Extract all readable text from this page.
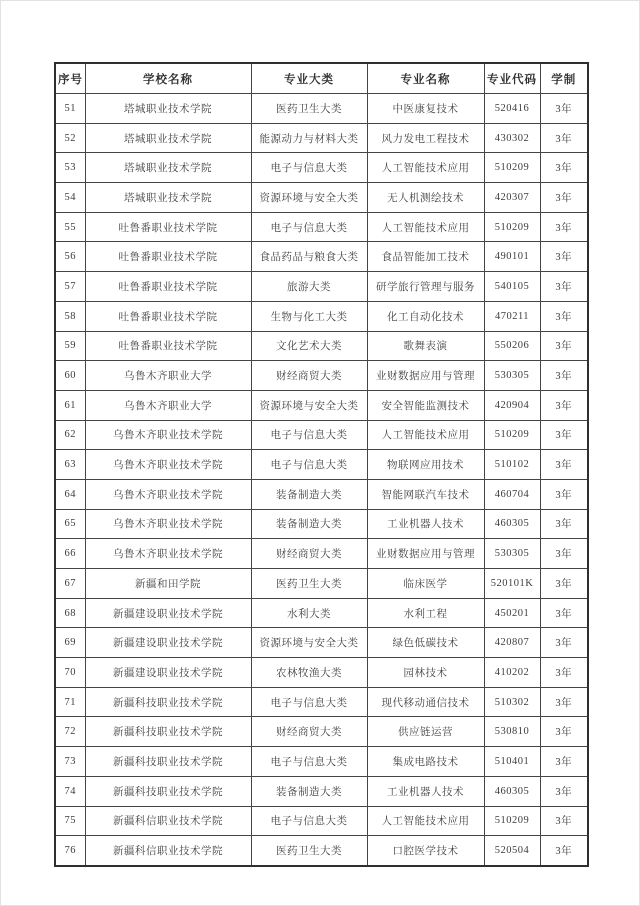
序号	学校名称	专业大类	专业名称	专业代码	学制
51	塔城职业技术学院	医药卫生大类	中医康复技术	520416	3年
52	塔城职业技术学院	能源动力与材料大类	风力发电工程技术	430302	3年
53	塔城职业技术学院	电子与信息大类	人工智能技术应用	510209	3年
54	塔城职业技术学院	资源环境与安全大类	无人机测绘技术	420307	3年
55	吐鲁番职业技术学院	电子与信息大类	人工智能技术应用	510209	3年
56	吐鲁番职业技术学院	食品药品与粮食大类	食品智能加工技术	490101	3年
57	吐鲁番职业技术学院	旅游大类	研学旅行管理与服务	540105	3年
58	吐鲁番职业技术学院	生物与化工大类	化工自动化技术	470211	3年
59	吐鲁番职业技术学院	文化艺术大类	歌舞表演	550206	3年
60	乌鲁木齐职业大学	财经商贸大类	业财数据应用与管理	530305	3年
61	乌鲁木齐职业大学	资源环境与安全大类	安全智能监测技术	420904	3年
62	乌鲁木齐职业技术学院	电子与信息大类	人工智能技术应用	510209	3年
63	乌鲁木齐职业技术学院	电子与信息大类	物联网应用技术	510102	3年
64	乌鲁木齐职业技术学院	装备制造大类	智能网联汽车技术	460704	3年
65	乌鲁木齐职业技术学院	装备制造大类	工业机器人技术	460305	3年
66	乌鲁木齐职业技术学院	财经商贸大类	业财数据应用与管理	530305	3年
67	新疆和田学院	医药卫生大类	临床医学	520101K	3年
68	新疆建设职业技术学院	水利大类	水利工程	450201	3年
69	新疆建设职业技术学院	资源环境与安全大类	绿色低碳技术	420807	3年
70	新疆建设职业技术学院	农林牧渔大类	园林技术	410202	3年
71	新疆科技职业技术学院	电子与信息大类	现代移动通信技术	510302	3年
72	新疆科技职业技术学院	财经商贸大类	供应链运营	530810	3年
73	新疆科技职业技术学院	电子与信息大类	集成电路技术	510401	3年
74	新疆科技职业技术学院	装备制造大类	工业机器人技术	460305	3年
75	新疆科信职业技术学院	电子与信息大类	人工智能技术应用	510209	3年
76	新疆科信职业技术学院	医药卫生大类	口腔医学技术	520504	3年
